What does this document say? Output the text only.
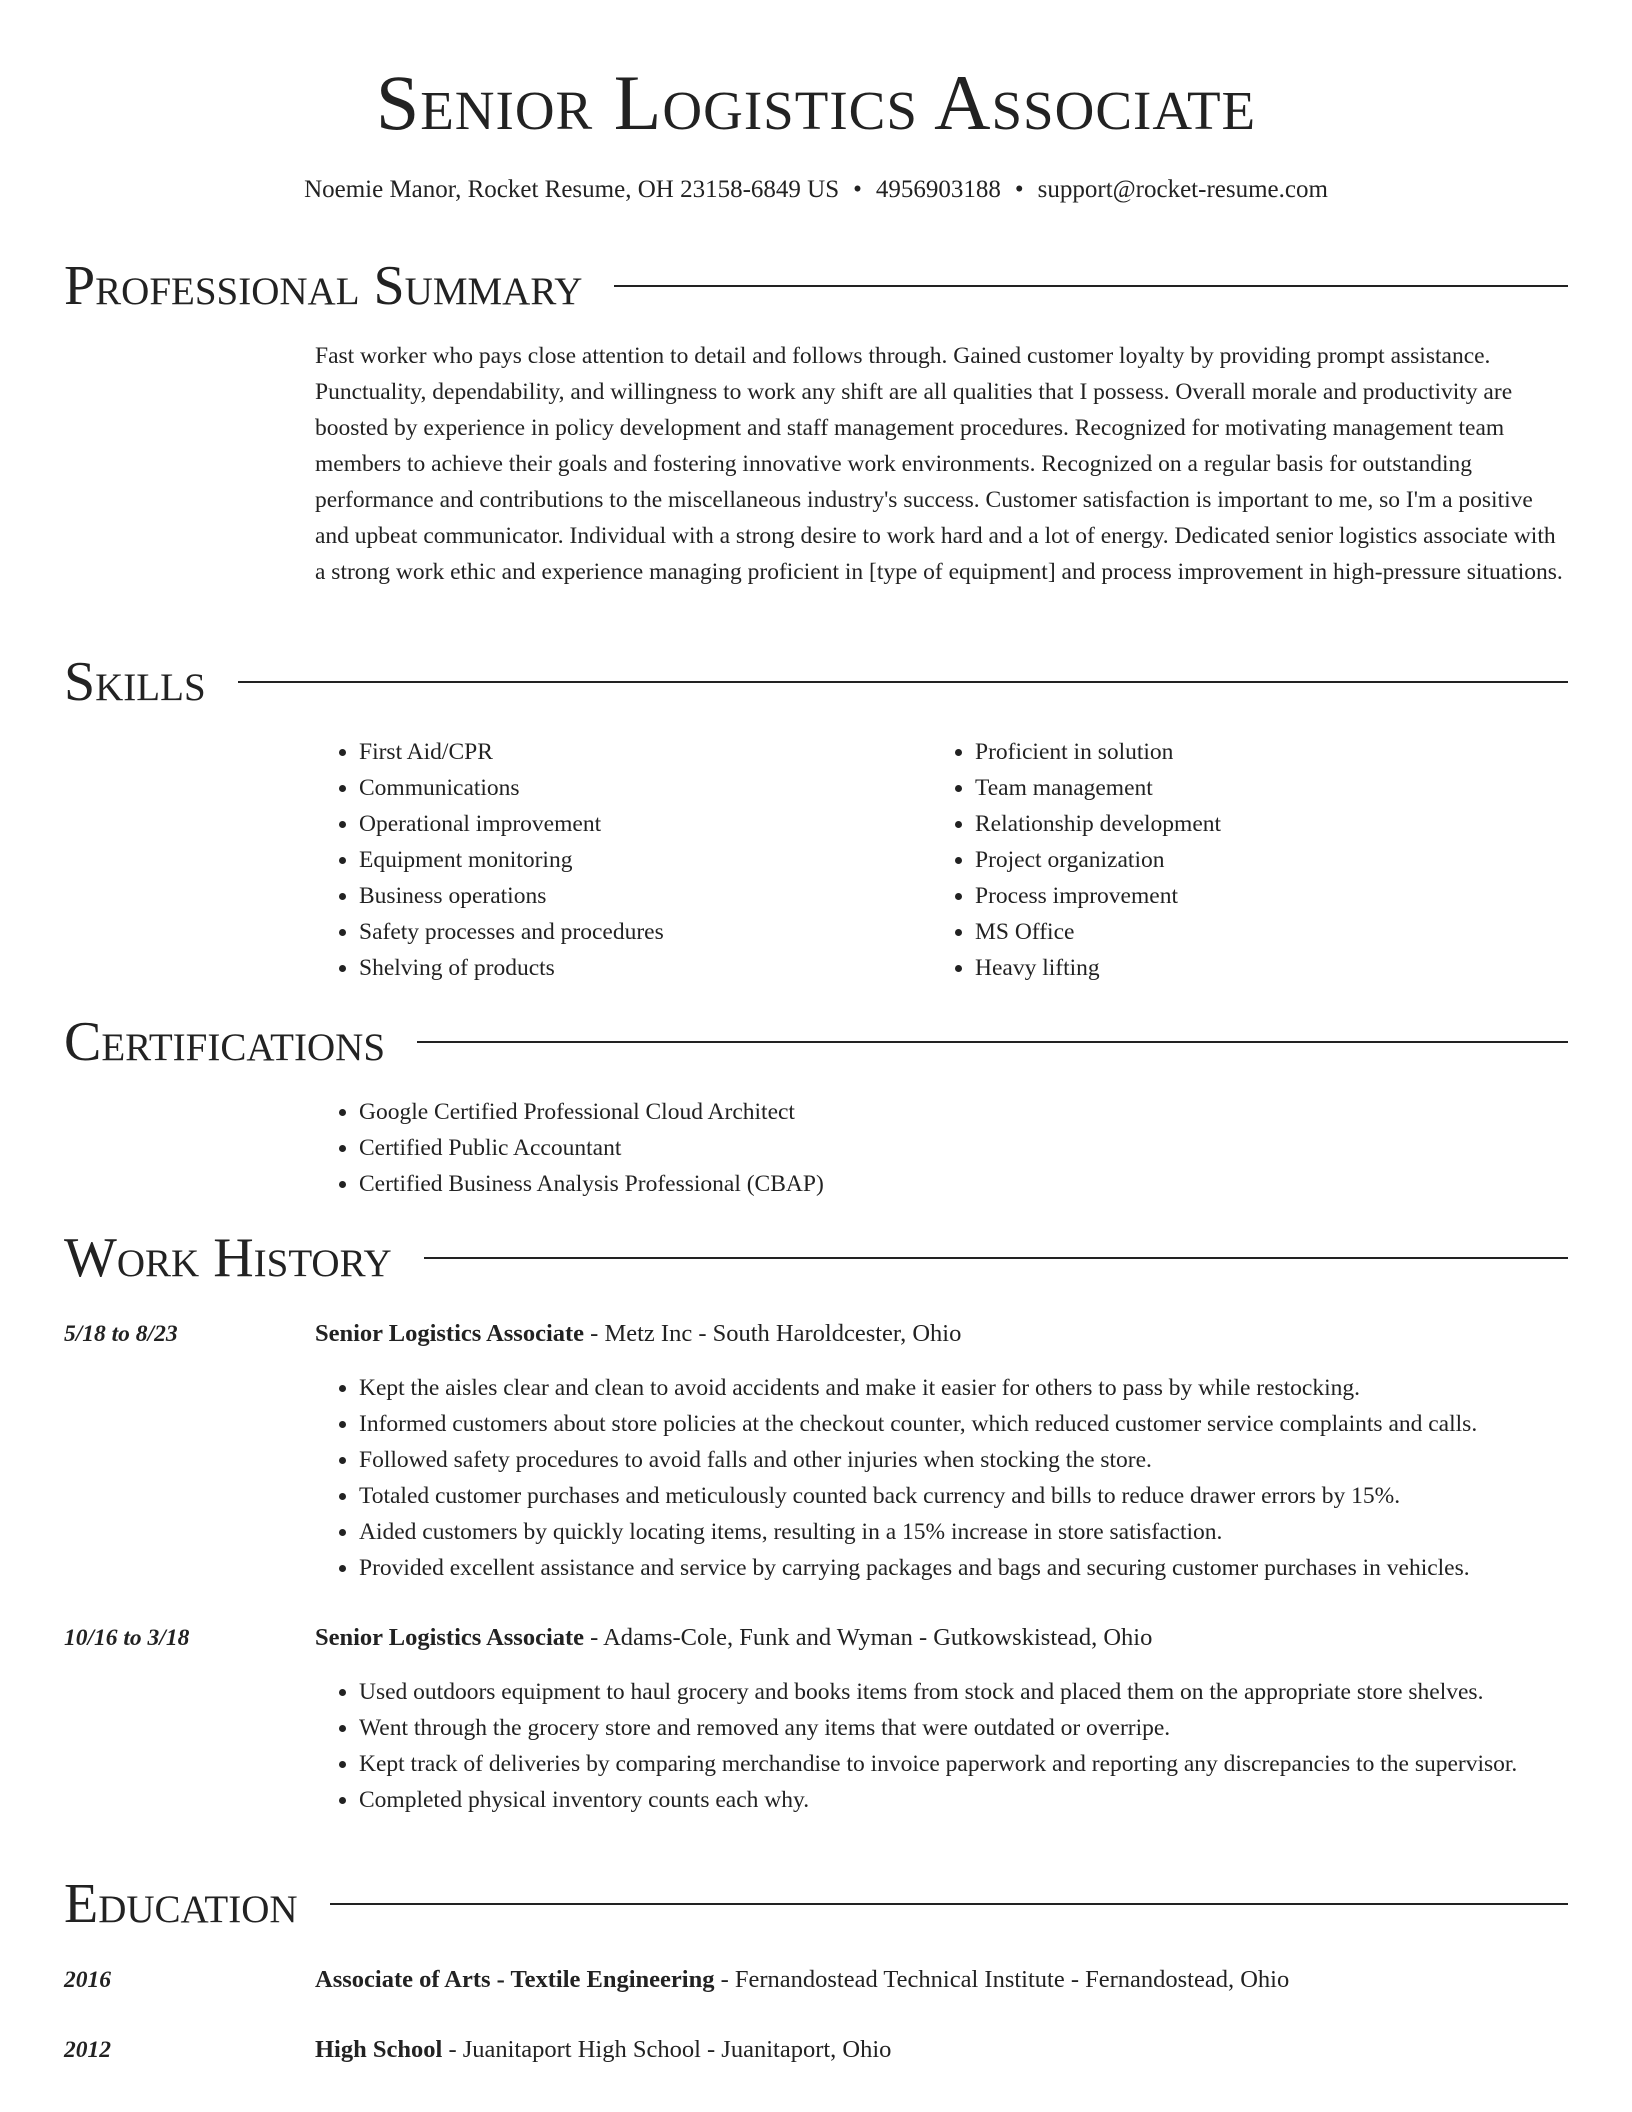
Senior Logistics Associate
Noemie Manor, Rocket Resume, OH 23158-6849 US • 4956903188 • support@rocket-resume.com
Professional Summary
Fast worker who pays close attention to detail and follows through. Gained customer loyalty by providing prompt assistance. Punctuality, dependability, and willingness to work any shift are all qualities that I possess. Overall morale and productivity are boosted by experience in policy development and staff management procedures. Recognized for motivating management team members to achieve their goals and fostering innovative work environments. Recognized on a regular basis for outstanding performance and contributions to the miscellaneous industry's success. Customer satisfaction is important to me, so I'm a positive and upbeat communicator. Individual with a strong desire to work hard and a lot of energy. Dedicated senior logistics associate with a strong work ethic and experience managing proficient in [type of equipment] and process improvement in high-pressure situations.
Skills
• First Aid/CPR
• Communications
• Operational improvement
• Equipment monitoring
• Business operations
• Safety processes and procedures
• Shelving of products
• Proficient in solution
• Team management
• Relationship development
• Project organization
• Process improvement
• MS Office
• Heavy lifting
Certifications
• Google Certified Professional Cloud Architect
• Certified Public Accountant
• Certified Business Analysis Professional (CBAP)
Work History
5/18 to 8/23	Senior Logistics Associate - Metz Inc - South Haroldcester, Ohio
• Kept the aisles clear and clean to avoid accidents and make it easier for others to pass by while restocking.
• Informed customers about store policies at the checkout counter, which reduced customer service complaints and calls.
• Followed safety procedures to avoid falls and other injuries when stocking the store.
• Totaled customer purchases and meticulously counted back currency and bills to reduce drawer errors by 15%.
• Aided customers by quickly locating items, resulting in a 15% increase in store satisfaction.
• Provided excellent assistance and service by carrying packages and bags and securing customer purchases in vehicles.
10/16 to 3/18	Senior Logistics Associate - Adams-Cole, Funk and Wyman - Gutkowskistead, Ohio
• Used outdoors equipment to haul grocery and books items from stock and placed them on the appropriate store shelves.
• Went through the grocery store and removed any items that were outdated or overripe.
• Kept track of deliveries by comparing merchandise to invoice paperwork and reporting any discrepancies to the supervisor.
• Completed physical inventory counts each why.
Education
2016	Associate of Arts - Textile Engineering - Fernandostead Technical Institute - Fernandostead, Ohio
2012	High School - Juanitaport High School - Juanitaport, Ohio
